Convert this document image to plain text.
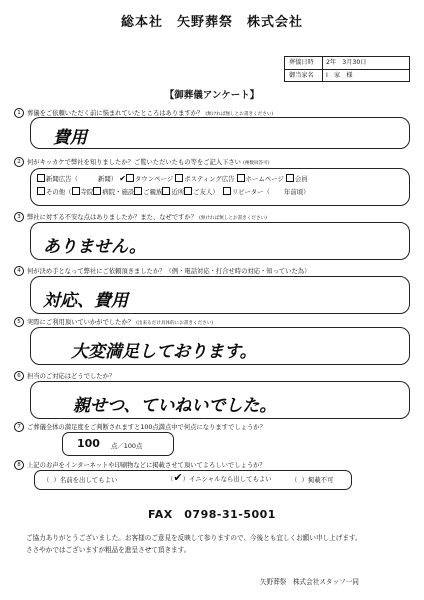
総本社　矢野葬祭　株式会社
葬儀日時 2年　3月30日
御当家名 I　家　様
【御葬儀アンケート】
1 葬儀をご依頼いただく前に悩まれていたところはありますか？ (無ければ無しとお書きください)
費用
2 何がキッカケで弊社を知りましたか？ご覧いただいたもの等をご記入下さい (複数回答可)
新聞広告（	新聞） ✔ タウンページ ポスティング広告 ホームページ 会員
その他（ 寺院 病院・施設 ご親族 近所 ご友人） リピーター（ 年前頃）
3 弊社に対する不安な点はありましたか？また、なぜですか？ (無ければ無しとお書きください)
ありません。
4 何が決め手となって弊社にご依頼頂きましたか？（例・電話対応・打合せ時の対応・知っていた為）
対応、費用
5 実際にご利用頂いていかがでしたか？ (出来るだけ具体的にお書きください)
大変満足しております。
6 担当のご対応はどうでしたか？
親せつ、ていねいでした。
7 ご葬儀全体の満足度をご判断されますと100点満点中で何点になりますでしょうか？
100 点／100点
8 上記のお声をインターネットや印刷物などに掲載させて頂いてよろしいでしょうか？
（  ）名前を出してもよい	（✔）イニシャルなら出してもよい	（  ）掲載不可
FAX　0798-31-5001
ご協力ありがとうございました。お客様のご意見を反映して参りますので、今後とも宜しくお願い申し上げます。
ささやかではございますが粗品を進呈させて頂きます。
矢野葬祭　株式会社スタッフ一同
